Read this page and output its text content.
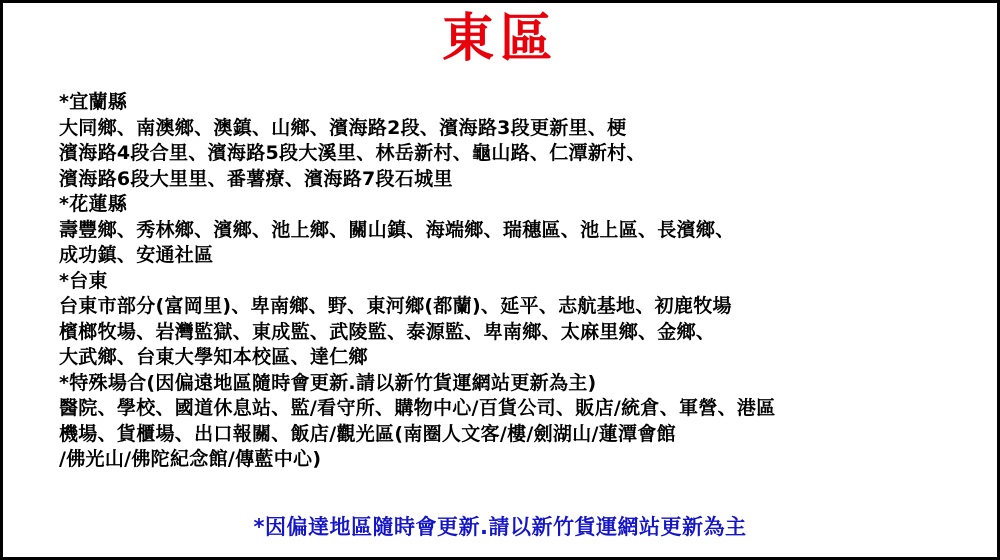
東區
*宜蘭縣
大同鄉、南澳鄉、澳鎮、山鄉、濱海路2段、濱海路3段更新里、梗
濱海路4段合里、濱海路5段大溪里、林岳新村、龜山路、仁潭新村、
濱海路6段大里里、番薯療、濱海路7段石城里
*花蓮縣
壽豐鄉、秀林鄉、濱鄉、池上鄉、關山鎮、海端鄉、瑞穗區、池上區、長濱鄉、
成功鎮、安通社區
*台東
台東市部分(富岡里)、卑南鄉、野、東河鄉(都蘭)、延平、志航基地、初鹿牧場
檳榔牧場、岩灣監獄、東成監、武陵監、泰源監、卑南鄉、太麻里鄉、金鄉、
大武鄉、台東大學知本校區、達仁鄉
*特殊場合(因偏遠地區隨時會更新.請以新竹貨運網站更新為主)
醫院、學校、國道休息站、監/看守所、購物中心/百貨公司、販店/統倉、軍營、港區
機場、貨櫃場、出口報關、飯店/觀光區(南圈人文客/樓/劍湖山/蓮潭會館
/佛光山/佛陀紀念館/傳藍中心)
*因偏達地區隨時會更新.請以新竹貨運網站更新為主
